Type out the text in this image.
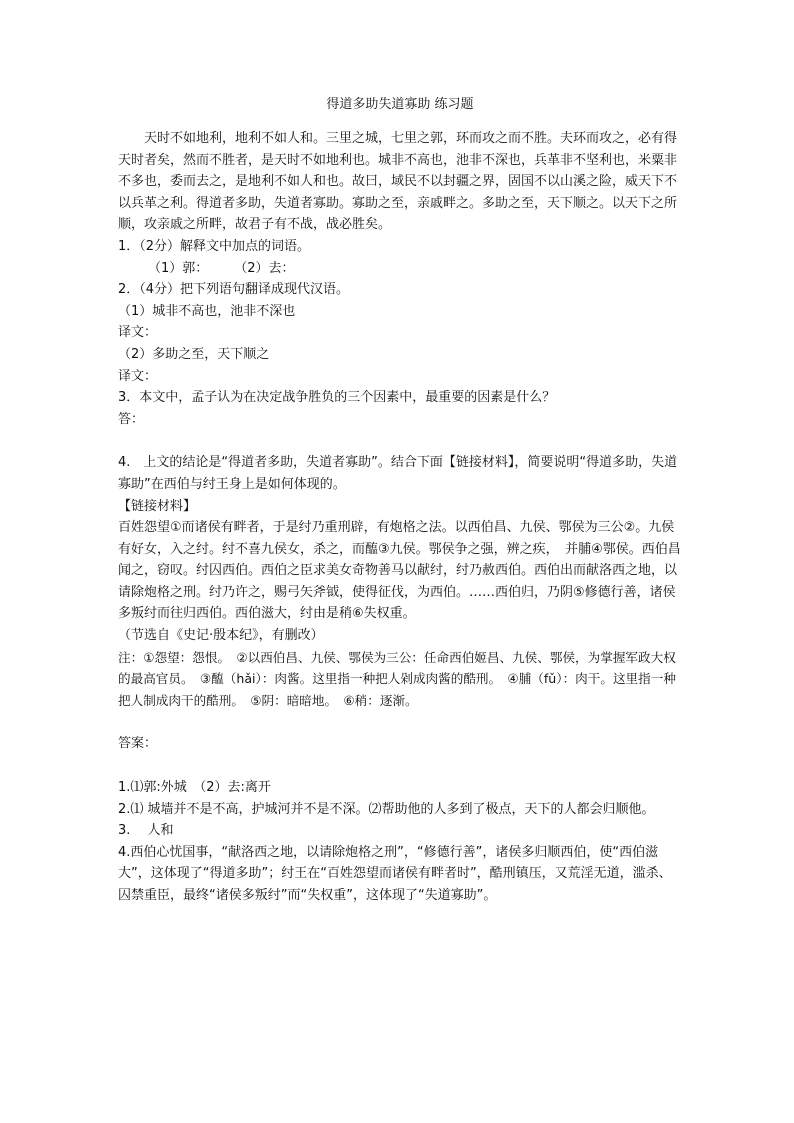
得道多助失道寡助 练习题

天时不如地利，地利不如人和。三里之城，七里之郭，环而攻之而不胜。夫环而攻之，必有得天时者矣，然而不胜者，是天时不如地利也。城非不高也，池非不深也，兵革非不坚利也，米粟非不多也，委而去之，是地利不如人和也。故曰，域民不以封疆之界，固国不以山溪之险，威天下不以兵革之利。得道者多助，失道者寡助。寡助之至，亲戚畔之。多助之至，天下顺之。以天下之所顺，攻亲戚之所畔，故君子有不战，战必胜矣。

1．（2分）解释文中加点的词语。

（1）郭：　　　（2）去：

2．（4分）把下列语句翻译成现代汉语。

（1）城非不高也，池非不深也

译文：

（2）多助之至，天下顺之

译文：

3．本文中，孟子认为在决定战争胜负的三个因素中，最重要的因素是什么？

答：

4.　上文的结论是“得道者多助，失道者寡助”。结合下面【链接材料】，简要说明“得道多助，失道寡助”在西伯与纣王身上是如何体现的。

【链接材料】

百姓怨望①而诸侯有畔者，于是纣乃重刑辟，有炮格之法。以西伯昌、九侯、鄂侯为三公②。九侯有好女，入之纣。纣不喜九侯女，杀之，而醢③九侯。鄂侯争之强，辨之疾，　并脯④鄂侯。西伯昌闻之，窃叹。纣囚西伯。西伯之臣求美女奇物善马以献纣，纣乃赦西伯。西伯出而献洛西之地，以请除炮格之刑。纣乃许之，赐弓矢斧钺，使得征伐，为西伯。……西伯归，乃阴⑤修德行善，诸侯多叛纣而往归西伯。西伯滋大，纣由是稍⑥失权重。

（节选自《史记·殷本纪》，有删改）

注：①怨望：怨恨。　②以西伯昌、九侯、鄂侯为三公：任命西伯姬昌、九侯、鄂侯，为掌握军政大权的最高官员。　③醢（hǎi）：肉酱。这里指一种把人剁成肉酱的酷刑。　④脯（fǔ）：肉干。这里指一种把人制成肉干的酷刑。　⑤阴：暗暗地。　⑥稍：逐渐。

答案：

1.⑴郭:外城　（2）去:离开

2.⑴ 城墙并不是不高，护城河并不是不深。⑵帮助他的人多到了极点，天下的人都会归顺他。

3.　 人和

4.西伯心忧国事，“献洛西之地，以请除炮格之刑”，“修德行善”，诸侯多归顺西伯，使“西伯滋大”，这体现了“得道多助”；纣王在“百姓怨望而诸侯有畔者时”，酷刑镇压，又荒淫无道，滥杀、囚禁重臣，最终“诸侯多叛纣”而“失权重”，这体现了“失道寡助”。
